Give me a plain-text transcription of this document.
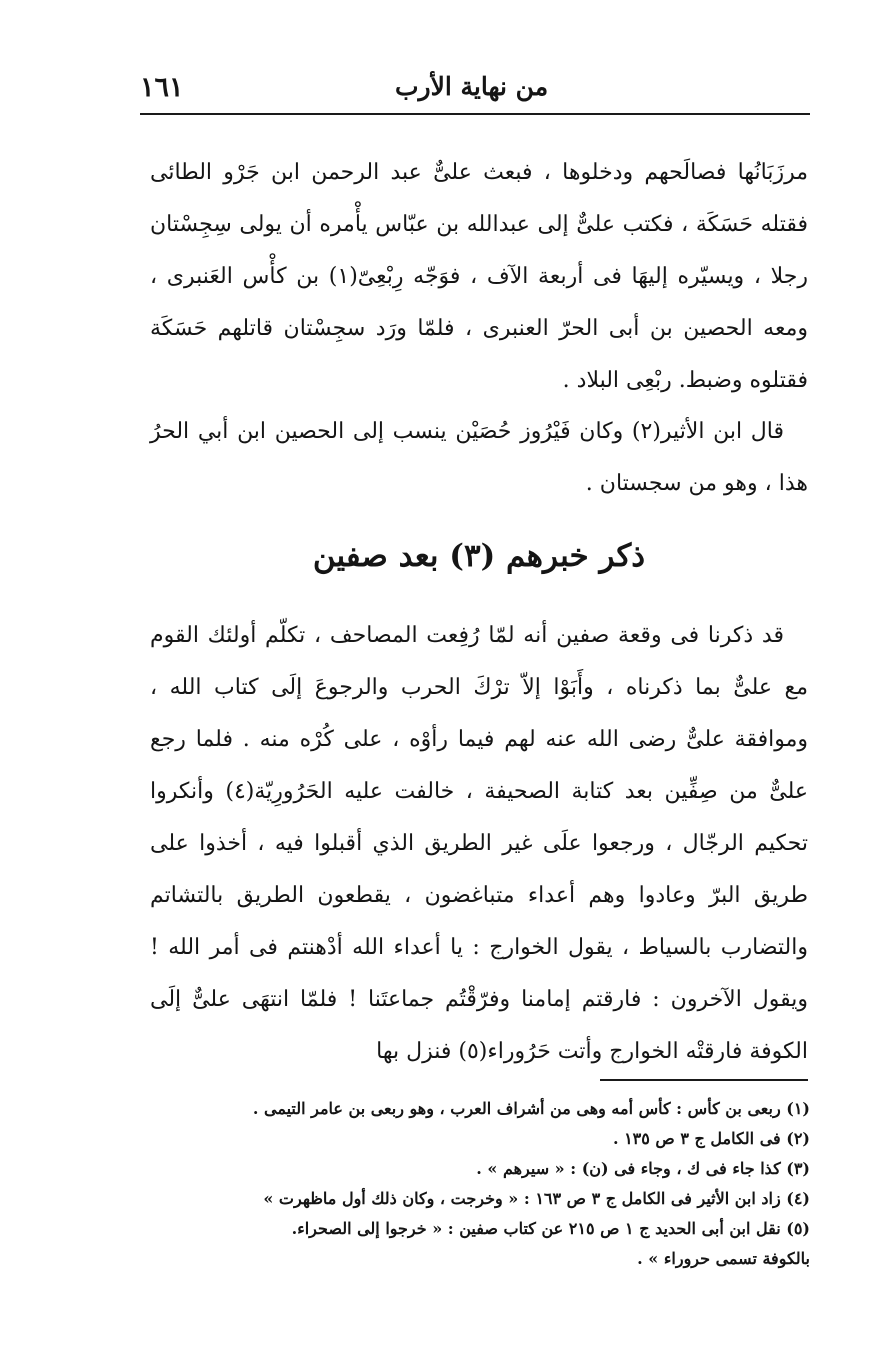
١٦١	من نهاية الأرب

مرزَبَانُها فصالَحهم ودخلوها ، فبعث علىٌّ عبد الرحمن ابن جَرْو الطائى فقتله حَسَكَة ، فكتب علىٌّ إلى عبدالله بن عبّاس يأْمره أن يولى سِجِسْتان رجلا ، ويسيّره إليهَا فى أربعة الآف ، فوَجّه رِبْعِىّ(١) بن كأْس العَنبرى ، ومعه الحصين بن أبى الحرّ العنبرى ، فلمّا ورَد سجِسْتان قاتلهم حَسَكَة فقتلوه وضبط. ربْعِى البلاد .

قال ابن الأثير(٢) وكان فَيْرُوز حُصَيْن ينسب إلى الحصين ابن أبي الحرُ هذا ، وهو من سجستان .

ذكر خبرهم (٣) بعد صفين

قد ذكرنا فى وقعة صفين أنه لمّا رُفِعت المصاحف ، تكلّم أولئك القوم مع علىٌّ بما ذكرناه ، وأَبَوْا إلاّ ترْكَ الحرب والرجوعَ إلَى كتاب الله ، وموافقة علىٌّ رضى الله عنه لهم فيما رأوْه ، على كُرْه منه . فلما رجع علىٌّ من صِفِّين بعد كتابة الصحيفة ، خالفت عليه الحَرُورِيّة(٤) وأنكروا تحكيم الرجّال ، ورجعوا علَى غير الطريق الذي أقبلوا فيه ، أخذوا على طريق البرّ وعادوا وهم أعداء متباغضون ، يقطعون الطريق بالتشاتم والتضارب بالسياط ، يقول الخوارج : يا أعداء الله أدْهنتم فى أمر الله ! ويقول الآخرون : فارقتم إمامنا وفرّقْتُم جماعتَنا ! فلمّا انتهَى علىٌّ إلَى الكوفة فارقتْه الخوارج وأتت حَرُوراء(٥) فنزل بها

(١) ربعى بن كأس : كأس أمه وهى من أشراف العرب ، وهو ربعى بن عامر التيمى .
(٢) فى الكامل ج ٣ ص ١٣٥ .
(٣) كذا جاء فى ك ، وجاء فى (ن) : « سيرهم » .
(٤) زاد ابن الأثير فى الكامل ج ٣ ص ١٦٣ : « وخرجت ، وكان ذلك أول ماظهرت »
(٥) نقل ابن أبى الحديد ج ١ ص ٢١٥ عن كتاب صفين : « خرجوا إلى الصحراء.
بالكوفة تسمى حروراء » .
